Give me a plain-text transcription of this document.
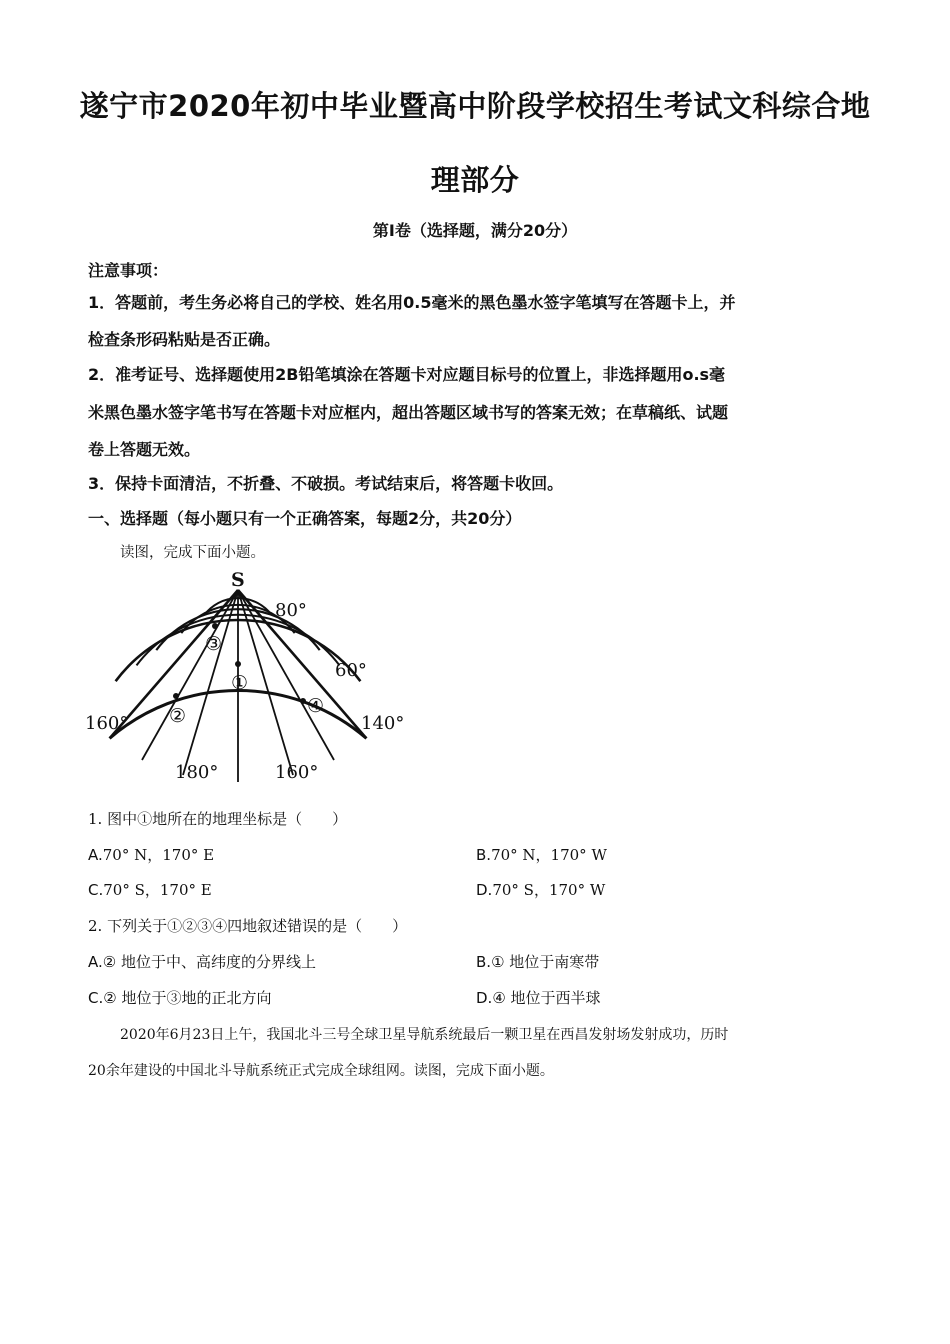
遂宁市2020年初中毕业暨高中阶段学校招生考试文科综合地
理部分
第Ⅰ卷（选择题，满分20分）
注意事项：
1．答题前，考生务必将自己的学校、姓名用0.5毫米的黑色墨水签字笔填写在答题卡上，并
检查条形码粘贴是否正确。
2．准考证号、选择题使用2B铅笔填涂在答题卡对应题目标号的位置上，非选择题用o.s毫
米黑色墨水签字笔书写在答题卡对应框内，超出答题区域书写的答案无效；在草稿纸、试题
卷上答题无效。
3．保持卡面清洁，不折叠、不破损。考试结束后，将答题卡收回。
一、选择题（每小题只有一个正确答案，每题2分，共20分）
读图，完成下面小题。
S
80°
60°
160°	140°
180°	160°
①
②
③
④
1. 图中①地所在的地理坐标是（　　）
A.70° N，170° E	B.70° N，170° W
C.70° S，170° E	D.70° S，170° W
2. 下列关于①②③④四地叙述错误的是（　　）
A.② 地位于中、高纬度的分界线上	B.① 地位于南寒带
C.② 地位于③地的正北方向	D.④ 地位于西半球
2020年6月23日上午，我国北斗三号全球卫星导航系统最后一颗卫星在西昌发射场发射成功，历时
20余年建设的中国北斗导航系统正式完成全球组网。读图，完成下面小题。
